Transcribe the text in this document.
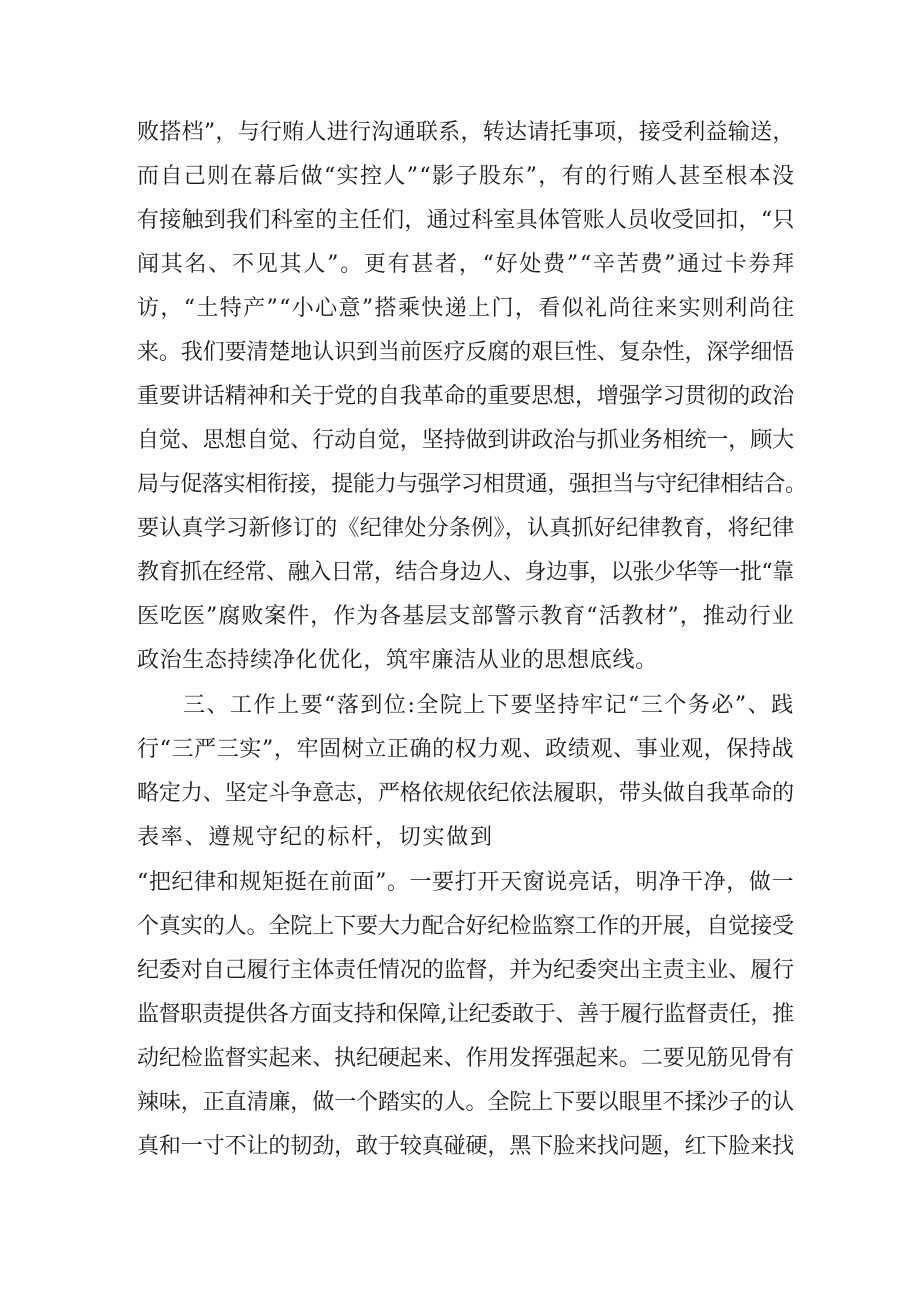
败搭档”，与行贿人进行沟通联系，转达请托事项，接受利益输送，
而自己则在幕后做“实控人”“影子股东”，有的行贿人甚至根本没
有接触到我们科室的主任们，通过科室具体管账人员收受回扣，“只
闻其名、不见其人”。更有甚者，“好处费”“辛苦费”通过卡券拜
访，“土特产”“小心意”搭乘快递上门，看似礼尚往来实则利尚往
来。我们要清楚地认识到当前医疗反腐的艰巨性、复杂性，深学细悟
重要讲话精神和关于党的自我革命的重要思想，增强学习贯彻的政治
自觉、思想自觉、行动自觉，坚持做到讲政治与抓业务相统一，顾大
局与促落实相衔接，提能力与强学习相贯通，强担当与守纪律相结合。
要认真学习新修订的《纪律处分条例》，认真抓好纪律教育，将纪律
教育抓在经常、融入日常，结合身边人、身边事，以张少华等一批“靠
医吃医”腐败案件，作为各基层支部警示教育“活教材”，推动行业
政治生态持续净化优化，筑牢廉洁从业的思想底线。
三、工作上要“落到位:全院上下要坚持牢记“三个务必”、践
行“三严三实”，牢固树立正确的权力观、政绩观、事业观，保持战
略定力、坚定斗争意志，严格依规依纪依法履职，带头做自我革命的
表率、遵规守纪的标杆，切实做到
“把纪律和规矩挺在前面”。一要打开天窗说亮话，明净干净，做一
个真实的人。全院上下要大力配合好纪检监察工作的开展，自觉接受
纪委对自己履行主体责任情况的监督，并为纪委突出主责主业、履行
监督职责提供各方面支持和保障,让纪委敢于、善于履行监督责任，推
动纪检监督实起来、执纪硬起来、作用发挥强起来。二要见筋见骨有
辣味，正直清廉，做一个踏实的人。全院上下要以眼里不揉沙子的认
真和一寸不让的韧劲，敢于较真碰硬，黑下脸来找问题，红下脸来找
